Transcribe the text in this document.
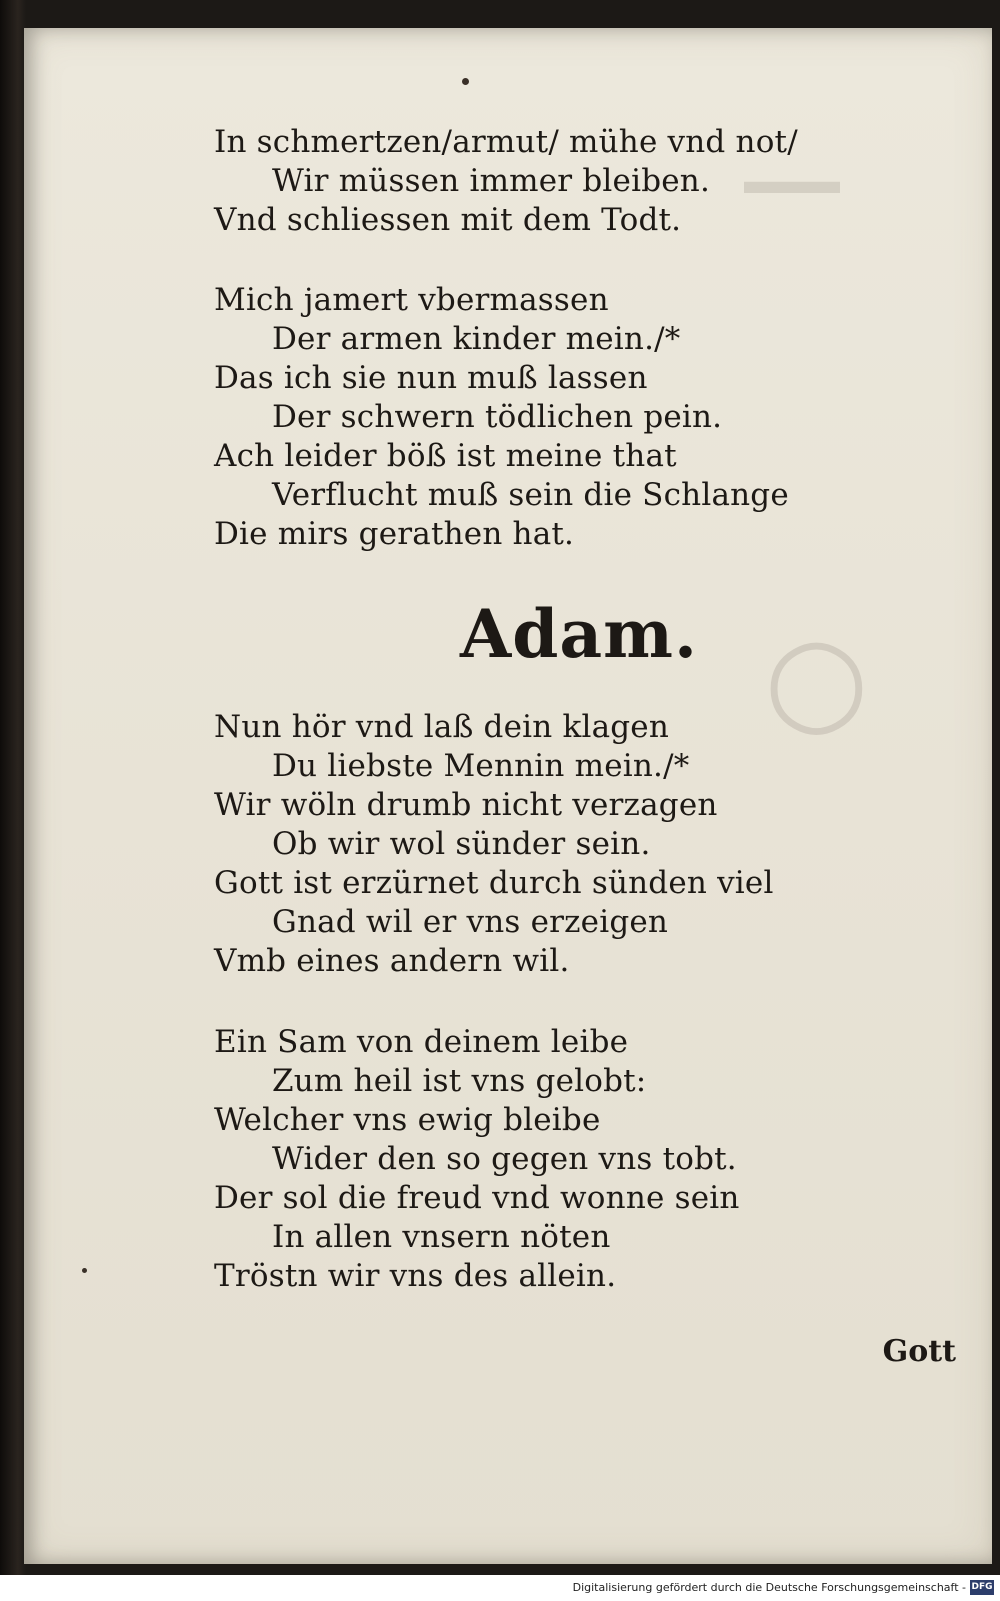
―
○
In schmertzen/armut/ mühe vnd not/
Wir müssen immer bleiben.
Vnd schliessen mit dem Todt.
Mich jamert vbermassen
Der armen kinder mein./*
Das ich sie nun muß lassen
Der schwern tödlichen pein.
Ach leider böß ist meine that
Verflucht muß sein die Schlange
Die mirs gerathen hat.
Adam.
Nun hör vnd laß dein klagen
Du liebste Mennin mein./*
Wir wöln drumb nicht verzagen
Ob wir wol sünder sein.
Gott ist erzürnet durch sünden viel
Gnad wil er vns erzeigen
Vmb eines andern wil.
Ein Sam von deinem leibe
Zum heil ist vns gelobt:
Welcher vns ewig bleibe
Wider den so gegen vns tobt.
Der sol die freud vnd wonne sein
In allen vnsern nöten
Tröstn wir vns des allein.
Gott
Digitalisierung gefördert durch die Deutsche Forschungsgemeinschaft - DFG
